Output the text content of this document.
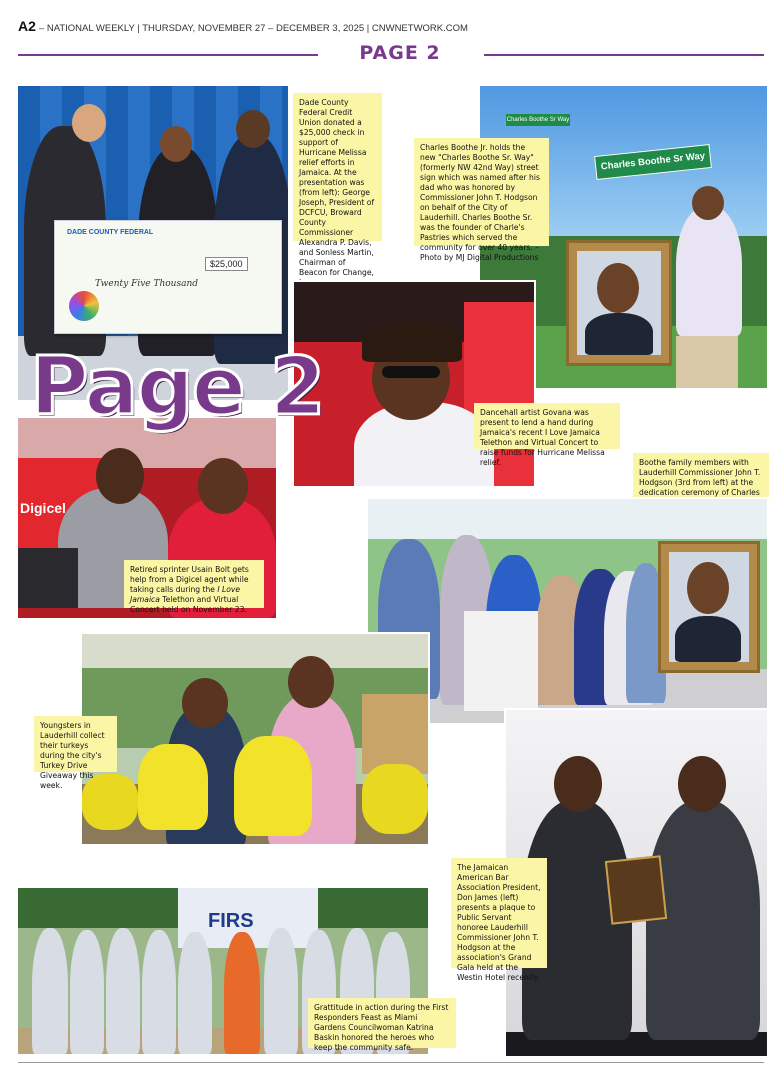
A2 – NATIONAL WEEKLY | THURSDAY, NOVEMBER 27 – DECEMBER 3, 2025 | CNWNETWORK.COM
PAGE 2
DADE COUNTY FEDERAL
$25,000
Twenty Five Thousand
Dade County Federal Credit Union donated a $25,000 check in support of Hurricane Melissa relief efforts in Jamaica. At the presentation was (from left): George Joseph, President of DCFCU, Broward County Commissioner Alexandra P. Davis, and Sonless Martin, Chairman of Beacon for Change,
Charles Boothe Sr Way
Charles Boothe Sr Way
Charles Boothe Jr. holds the new "Charles Boothe Sr. Way" (formerly NW 42nd Way) street sign which was named after his dad who was honored by Commissioner John T. Hodgson on behalf of the City of Lauderhill. Charles Boothe Sr. was the founder of Charle's Pastries which served the community for over 40 years. – Photo by MJ Digital Productions
Dancehall artist Govana was present to lend a hand during Jamaica's recent I Love Jamaica Telethon and Virtual Concert to raise funds for Hurricane Melissa relief.
Digicel
Page 2
Retired sprinter Usain Bolt gets help from a Digicel agent while taking calls during the I Love Jamaica Telethon and Virtual Concert held on November 23.
Boothe family members with Lauderhill Commissioner John T. Hodgson (3rd from left) at the dedication ceremony of Charles
Youngsters in Lauderhill collect their turkeys during the city's Turkey Drive Giveaway this week.
The Jamaican American Bar Association President, Don James (left) presents a plaque to Public Servant honoree Lauderhill Commissioner John T. Hodgson at the association's Grand Gala held at the Westin Hotel recently.
FIRS
Grattitude in action during the First Responders Feast as Miami Gardens Councilwoman Katrina Baskin honored the heroes who keep the community safe.
